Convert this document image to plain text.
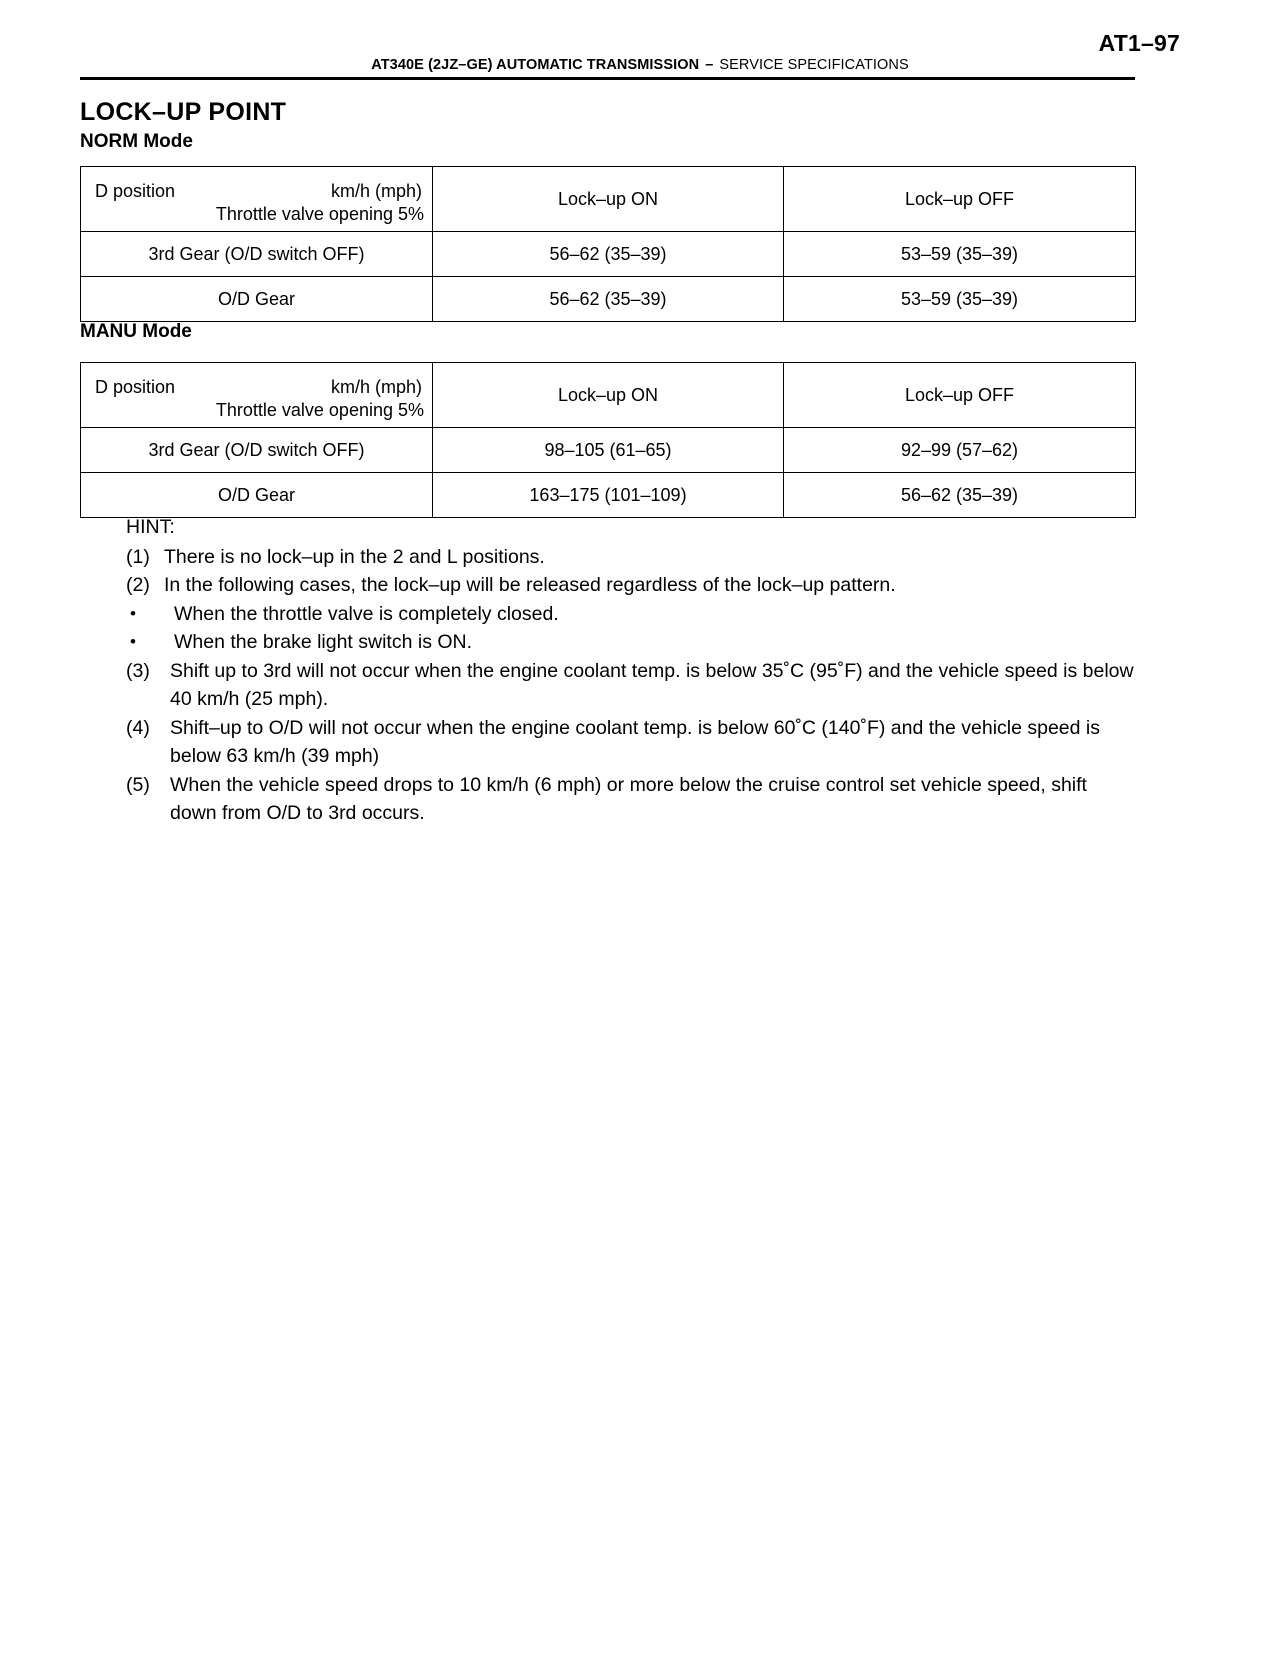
AT1–97
AT340E (2JZ–GE) AUTOMATIC TRANSMISSION – SERVICE SPECIFICATIONS
LOCK–UP POINT
NORM Mode
D position km/h (mph)
Throttle valve opening 5%	Lock–up ON	Lock–up OFF
3rd Gear (O/D switch OFF)	56–62 (35–39)	53–59 (35–39)
O/D Gear	56–62 (35–39)	53–59 (35–39)
MANU Mode
D position km/h (mph)
Throttle valve opening 5%	Lock–up ON	Lock–up OFF
3rd Gear (O/D switch OFF)	98–105 (61–65)	92–99 (57–62)
O/D Gear	163–175 (101–109)	56–62 (35–39)
HINT:
(1) There is no lock–up in the 2 and L positions.
(2) In the following cases, the lock–up will be released regardless of the lock–up pattern.
•	When the throttle valve is completely closed.
•	When the brake light switch is ON.
(3)	Shift up to 3rd will not occur when the engine coolant temp. is below 35˚C (95˚F) and the vehicle speed is below 40 km/h (25 mph).
(4)	Shift–up to O/D will not occur when the engine coolant temp. is below 60˚C (140˚F) and the vehicle speed is below 63 km/h (39 mph)
(5)	When the vehicle speed drops to 10 km/h (6 mph) or more below the cruise control set vehicle speed, shift down from O/D to 3rd occurs.
